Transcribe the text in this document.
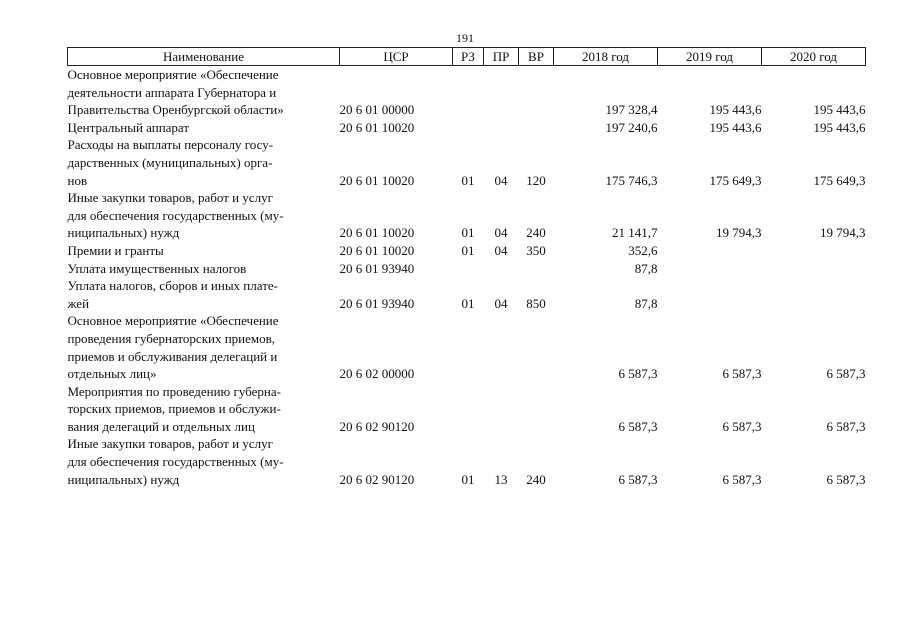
191
Наименование	ЦСР	РЗ	ПР	ВР	2018 год	2019 год	2020 год

Основное мероприятие «Обеспечение
деятельности аппарата Губернатора и
Правительства Оренбургской области»	20 6 01 00000				197 328,4	195 443,6	195 443,6

Центральный аппарат	20 6 01 10020				197 240,6	195 443,6	195 443,6

Расходы на выплаты персоналу госу-
дарственных (муниципальных) орга-
нов	20 6 01 10020	01	04	120	175 746,3	175 649,3	175 649,3

Иные закупки товаров, работ и услуг
для обеспечения государственных (му-
ниципальных) нужд	20 6 01 10020	01	04	240	21 141,7	19 794,3	19 794,3

Премии и гранты	20 6 01 10020	01	04	350	352,6		

Уплата имущественных налогов	20 6 01 93940				87,8		

Уплата налогов, сборов и иных плате-
жей	20 6 01 93940	01	04	850	87,8		

Основное мероприятие «Обеспечение
проведения губернаторских приемов,
приемов и обслуживания делегаций и
отдельных лиц»	20 6 02 00000				6 587,3	6 587,3	6 587,3

Мероприятия по проведению губерна-
торских приемов, приемов и обслужи-
вания делегаций и отдельных лиц	20 6 02 90120				6 587,3	6 587,3	6 587,3

Иные закупки товаров, работ и услуг
для обеспечения государственных (му-
ниципальных) нужд	20 6 02 90120	01	13	240	6 587,3	6 587,3	6 587,3
